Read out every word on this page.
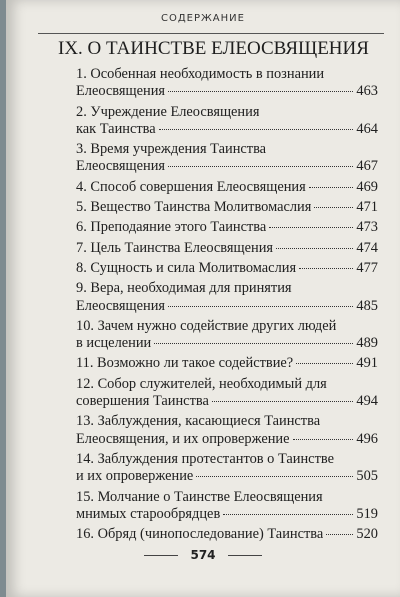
СОДЕРЖАНИЕ
IX. О ТАИНСТВЕ ЕЛЕОСВЯЩЕНИЯ
1. Особенная необходимость в познании
Елеосвящения	463
2. Учреждение Елеосвящения
как Таинства	464
3. Время учреждения Таинства
Елеосвящения	467
4. Способ совершения Елеосвящения	469
5. Вещество Таинства Молитвомаслия	471
6. Преподаяние этого Таинства	473
7. Цель Таинства Елеосвящения	474
8. Сущность и сила Молитвомаслия	477
9. Вера, необходимая для принятия
Елеосвящения	485
10. Зачем нужно содействие других людей
в исцелении	489
11. Возможно ли такое содействие?	491
12. Собор служителей, необходимый для
совершения Таинства	494
13. Заблуждения, касающиеся Таинства
Елеосвящения, и их опровержение	496
14. Заблуждения протестантов о Таинстве
и их опровержение	505
15. Молчание о Таинстве Елеосвящения
мнимых старообрядцев	519
16. Обряд (чинопоследование) Таинства 520
574
